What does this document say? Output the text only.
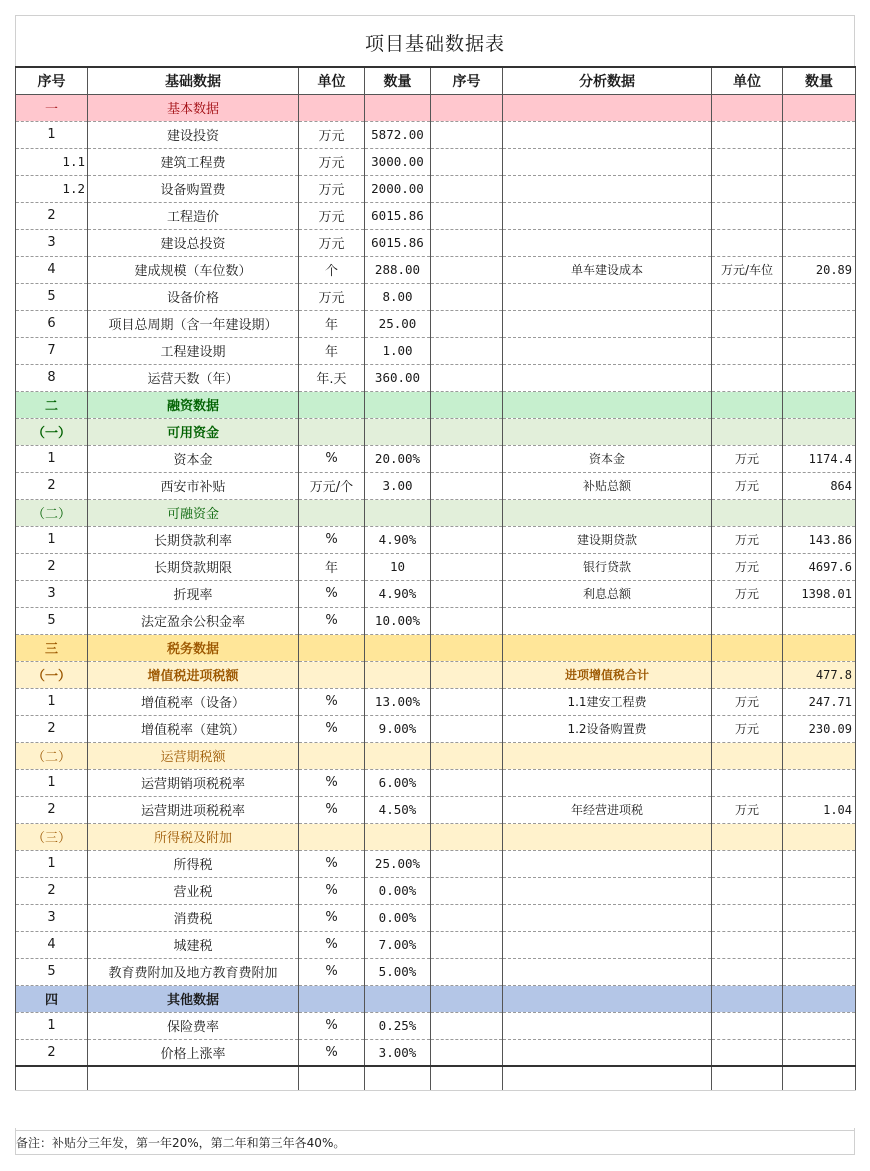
项目基础数据表
序号	基础数据	单位	数量	序号	分析数据	单位	数量
一	基本数据						
1	建设投资	万元	5872.00				
1.1	建筑工程费	万元	3000.00				
1.2	设备购置费	万元	2000.00				
2	工程造价	万元	6015.86				
3	建设总投资	万元	6015.86				
4	建成规模（车位数）	个	288.00		单车建设成本	万元/车位	20.89
5	设备价格	万元	8.00				
6	项目总周期（含一年建设期）	年	25.00				
7	工程建设期	年	1.00				
8	运营天数（年）	年.天	360.00				
二	融资数据						
（一）	可用资金						
1	资本金	%	20.00%		资本金	万元	1174.4
2	西安市补贴	万元/个	3.00		补贴总额	万元	864
（二）	可融资金						
1	长期贷款利率	%	4.90%		建设期贷款	万元	143.86
2	长期贷款期限	年	10		银行贷款	万元	4697.6
3	折现率	%	4.90%		利息总额	万元	1398.01
5	法定盈余公积金率	%	10.00%				
三	税务数据						
（一）	增值税进项税额				进项增值税合计		477.8
1	增值税率（设备）	%	13.00%		1.1建安工程费	万元	247.71
2	增值税率（建筑）	%	9.00%		1.2设备购置费	万元	230.09
（二）	运营期税额						
1	运营期销项税税率	%	6.00%				
2	运营期进项税税率	%	4.50%		年经营进项税	万元	1.04
（三）	所得税及附加						
1	所得税	%	25.00%				
2	营业税	%	0.00%				
3	消费税	%	0.00%				
4	城建税	%	7.00%				
5	教育费附加及地方教育费附加	%	5.00%				
四	其他数据						
1	保险费率	%	0.25%				
2	价格上涨率	%	3.00%				

备注：补贴分三年发，第一年20%，第二年和第三年各40%。
